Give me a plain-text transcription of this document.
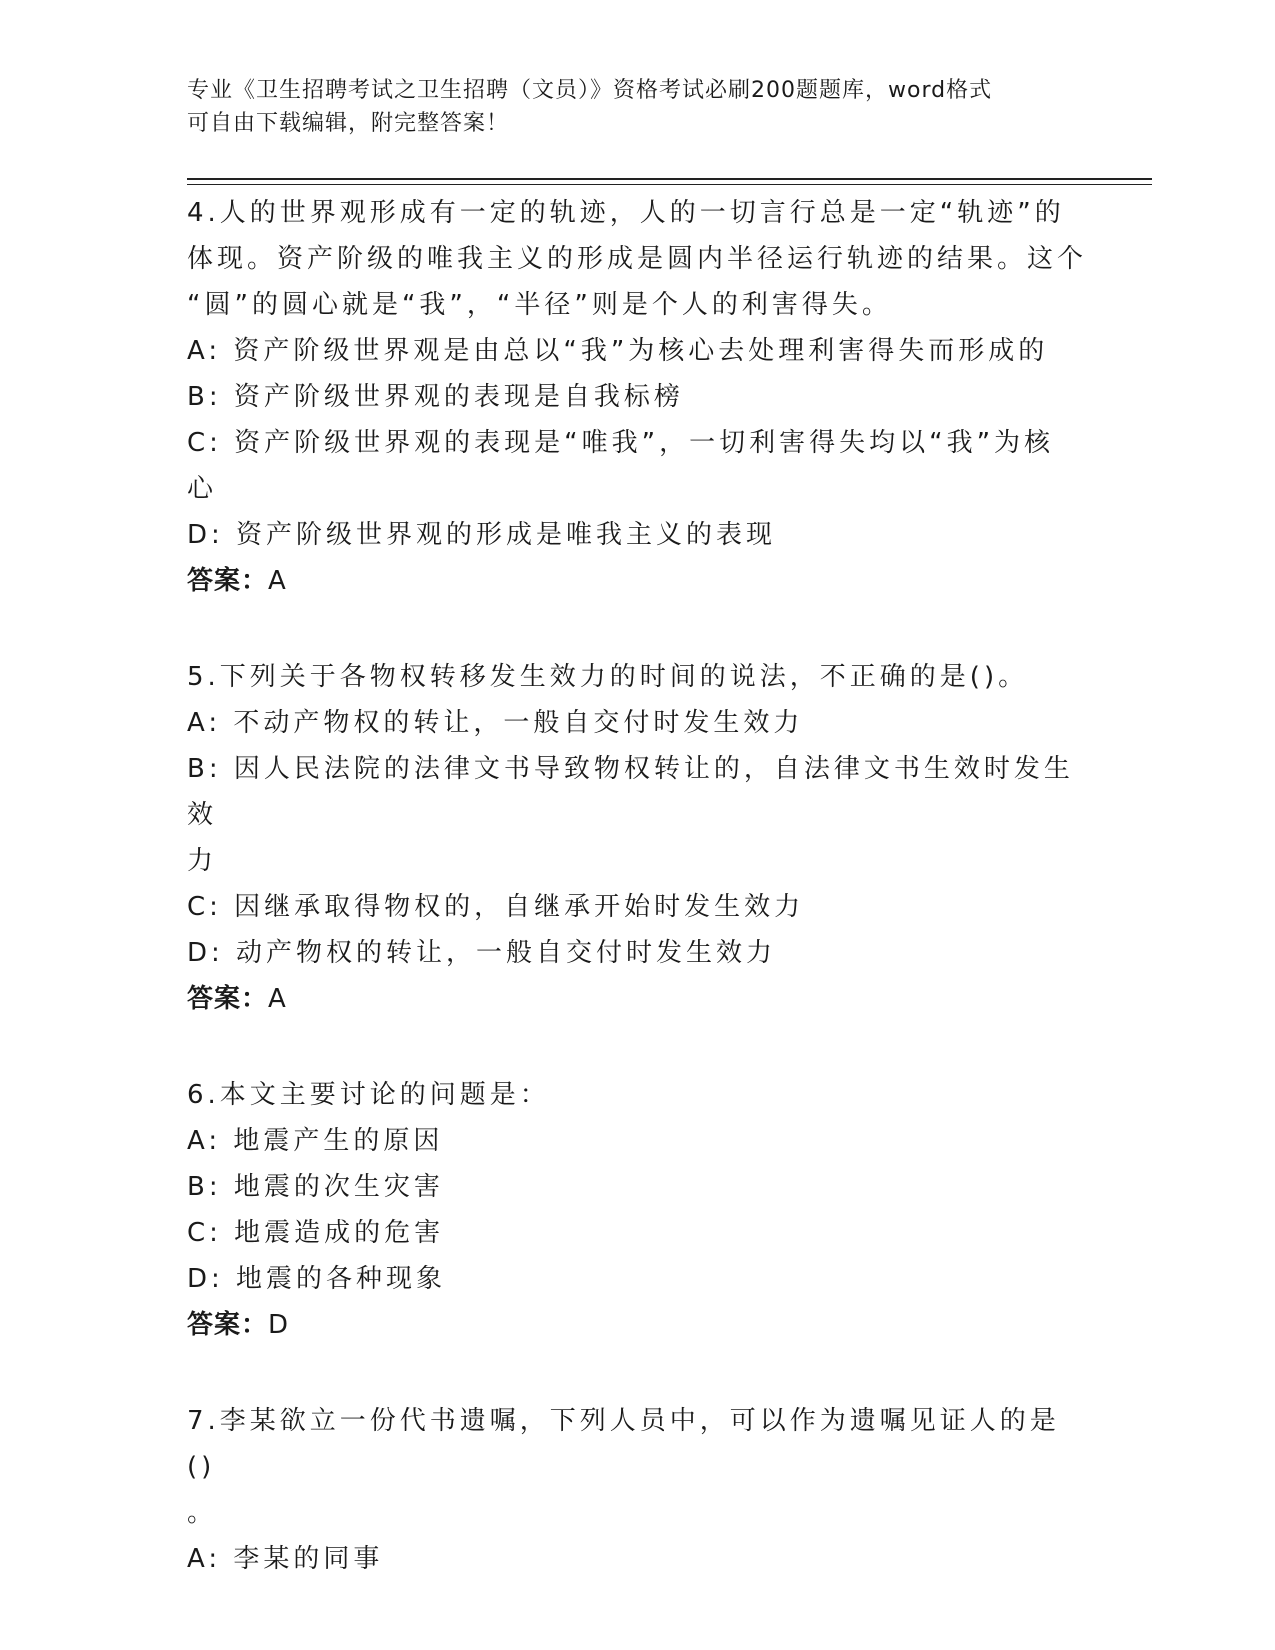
专业《卫生招聘考试之卫生招聘（文员）》资格考试必刷200题题库，word格式
可自由下载编辑，附完整答案！
4.人的世界观形成有一定的轨迹，人的一切言行总是一定“轨迹”的
体现。资产阶级的唯我主义的形成是圆内半径运行轨迹的结果。这个
“圆”的圆心就是“我”，“半径”则是个人的利害得失。
A: 资产阶级世界观是由总以“我”为核心去处理利害得失而形成的
B: 资产阶级世界观的表现是自我标榜
C: 资产阶级世界观的表现是“唯我”，一切利害得失均以“我”为核
心
D: 资产阶级世界观的形成是唯我主义的表现
答案：A
5.下列关于各物权转移发生效力的时间的说法，不正确的是()。
A: 不动产物权的转让，一般自交付时发生效力
B: 因人民法院的法律文书导致物权转让的，自法律文书生效时发生效
力
C: 因继承取得物权的，自继承开始时发生效力
D: 动产物权的转让，一般自交付时发生效力
答案：A
6.本文主要讨论的问题是：
A: 地震产生的原因
B: 地震的次生灾害
C: 地震造成的危害
D: 地震的各种现象
答案：D
7.李某欲立一份代书遗嘱，下列人员中，可以作为遗嘱见证人的是()
。
A: 李某的同事
